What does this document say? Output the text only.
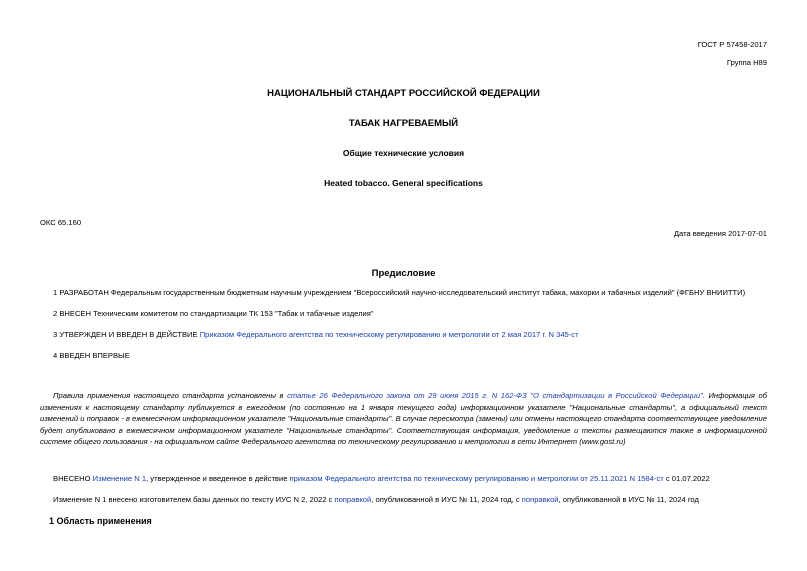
ГОСТ Р 57458-2017
Группа Н89
НАЦИОНАЛЬНЫЙ СТАНДАРТ РОССИЙСКОЙ ФЕДЕРАЦИИ
ТАБАК НАГРЕВАЕМЫЙ
Общие технические условия
Heated tobacco. General specifications
ОКС 65.160
Дата введения 2017-07-01
Предисловие
1 РАЗРАБОТАН Федеральным государственным бюджетным научным учреждением "Всероссийский научно-исследовательский институт табака, махорки и табачных изделий" (ФГБНУ ВНИИТТИ)
2 ВНЕСЕН Техническим комитетом по стандартизации ТК 153 "Табак и табачные изделия"
3 УТВЕРЖДЕН И ВВЕДЕН В ДЕЙСТВИЕ Приказом Федерального агентства по техническому регулированию и метрологии от 2 мая 2017 г. N 345-ст
4 ВВЕДЕН ВПЕРВЫЕ
Правила применения настоящего стандарта установлены в статье 26 Федерального закона от 29 июня 2015 г. N 162-ФЗ "О стандартизации в Российской Федерации". Информация об изменениях к настоящему стандарту публикуется в ежегодном (по состоянию на 1 января текущего года) информационном указателе "Национальные стандарты", а официальный текст изменений и поправок - в ежемесячном информационном указателе "Национальные стандарты". В случае пересмотра (замены) или отмены настоящего стандарта соответствующее уведомление будет опубликовано в ежемесячном информационном указателе "Национальные стандарты". Соответствующая информация, уведомление и тексты размещаются также в информационной системе общего пользования - на официальном сайте Федерального агентства по техническому регулированию и метрологии в сети Интернет (www.gost.ru)
ВНЕСЕНО Изменение N 1, утвержденное и введенное в действие приказом Федерального агентства по техническому регулированию и метрологии от 25.11.2021 N 1584-ст с 01.07.2022
Изменение N 1 внесено изготовителем базы данных по тексту ИУС N 2, 2022 с поправкой, опубликованной в ИУС № 11, 2024 год, с поправкой, опубликованной в ИУС № 11, 2024 год
1 Область применения
